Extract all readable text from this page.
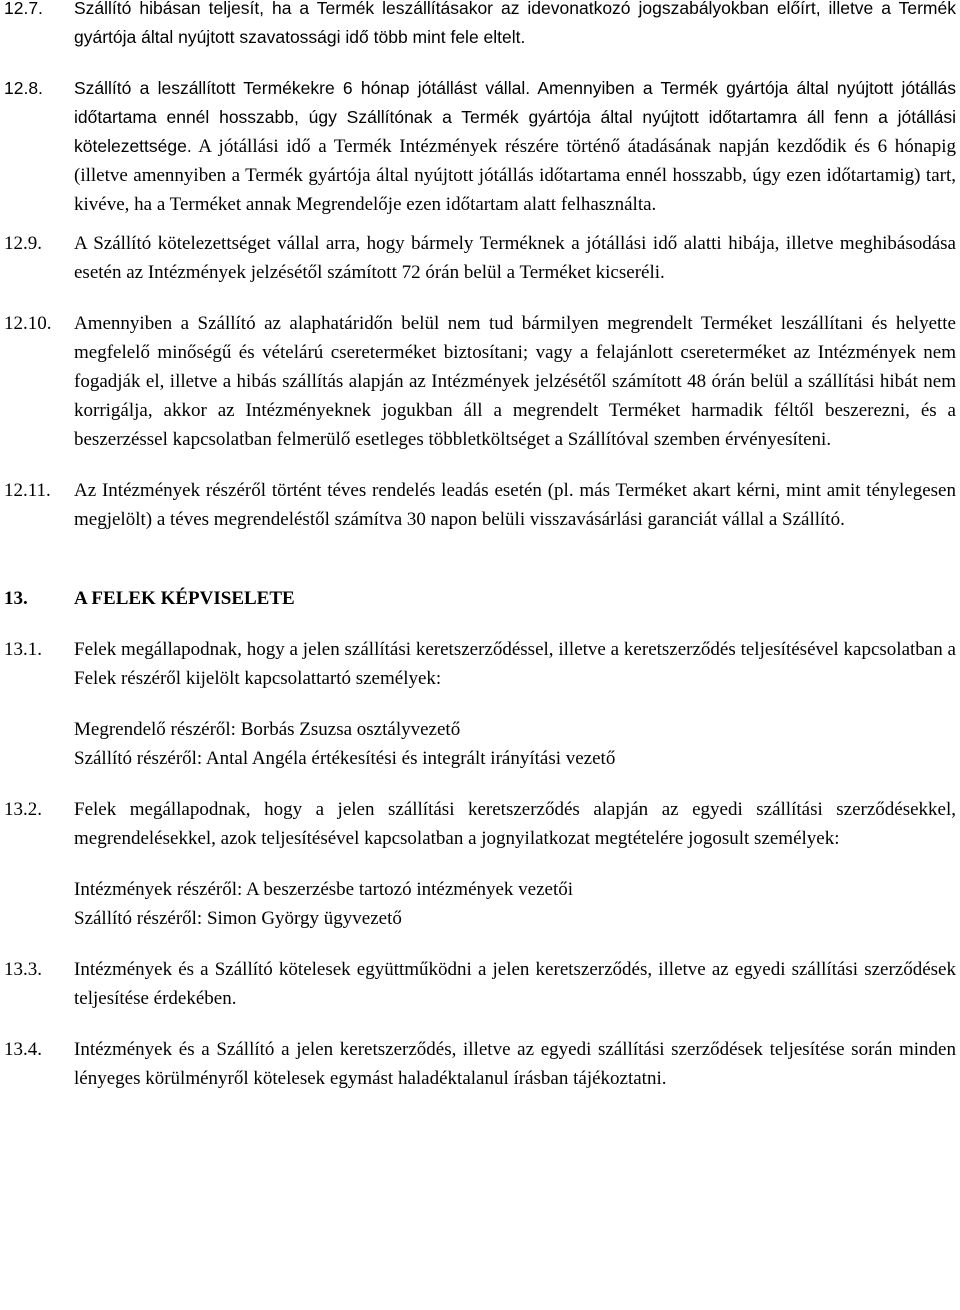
12.7. Szállító hibásan teljesít, ha a Termék leszállításakor az idevonatkozó jogszabályokban előírt, illetve a Termék gyártója által nyújtott szavatossági idő több mint fele eltelt.
12.8. Szállító a leszállított Termékekre 6 hónap jótállást vállal. Amennyiben a Termék gyártója által nyújtott jótállás időtartama ennél hosszabb, úgy Szállítónak a Termék gyártója által nyújtott időtartamra áll fenn a jótállási kötelezettsége. A jótállási idő a Termék Intézmények részére történő átadásának napján kezdődik és 6 hónapig (illetve amennyiben a Termék gyártója által nyújtott jótállás időtartama ennél hosszabb, úgy ezen időtartamig) tart, kivéve, ha a Terméket annak Megrendelője ezen időtartam alatt felhasználta.
12.9. A Szállító kötelezettséget vállal arra, hogy bármely Terméknek a jótállási idő alatti hibája, illetve meghibásodása esetén az Intézmények jelzésétől számított 72 órán belül a Terméket kicseréli.
12.10. Amennyiben a Szállító az alaphatáridőn belül nem tud bármilyen megrendelt Terméket leszállítani és helyette megfelelő minőségű és vételárú csereterméket biztosítani; vagy a felajánlott csereterméket az Intézmények nem fogadják el, illetve a hibás szállítás alapján az Intézmények jelzésétől számított 48 órán belül a szállítási hibát nem korrigálja, akkor az Intézményeknek jogukban áll a megrendelt Terméket harmadik féltől beszerezni, és a beszerzéssel kapcsolatban felmerülő esetleges többletköltséget a Szállítóval szemben érvényesíteni.
12.11. Az Intézmények részéről történt téves rendelés leadás esetén (pl. más Terméket akart kérni, mint amit ténylegesen megjelölt) a téves megrendeléstől számítva 30 napon belüli visszavásárlási garanciát vállal a Szállító.
13. A FELEK KÉPVISELETE
13.1. Felek megállapodnak, hogy a jelen szállítási keretszerződéssel, illetve a keretszerződés teljesítésével kapcsolatban a Felek részéről kijelölt kapcsolattartó személyek:
Megrendelő részéről: Borbás Zsuzsa osztályvezető
Szállító részéről: Antal Angéla értékesítési és integrált irányítási vezető
13.2. Felek megállapodnak, hogy a jelen szállítási keretszerződés alapján az egyedi szállítási szerződésekkel, megrendelésekkel, azok teljesítésével kapcsolatban a jognyilatkozat megtételére jogosult személyek:
Intézmények részéről: A beszerzésbe tartozó intézmények vezetői
Szállító részéről: Simon György ügyvezető
13.3. Intézmények és a Szállító kötelesek együttműködni a jelen keretszerződés, illetve az egyedi szállítási szerződések teljesítése érdekében.
13.4. Intézmények és a Szállító a jelen keretszerződés, illetve az egyedi szállítási szerződések teljesítése során minden lényeges körülményről kötelesek egymást haladéktalanul írásban tájékoztatni.
